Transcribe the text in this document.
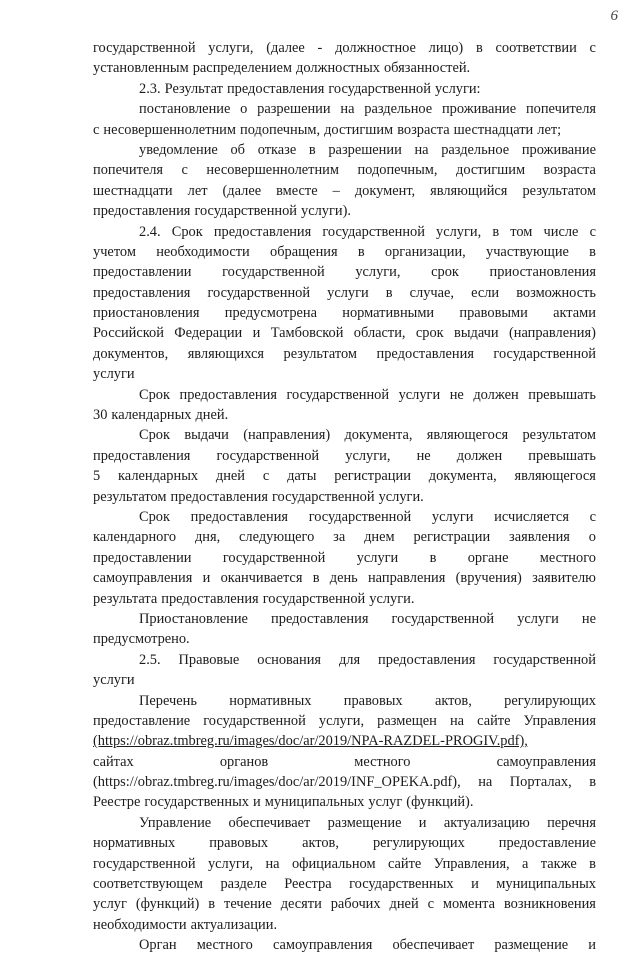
6
государственной услуги, (далее - должностное лицо) в соответствии с
установленным распределением должностных обязанностей.
2.3. Результат предоставления государственной услуги:
постановление о разрешении на раздельное проживание попечителя
с несовершеннолетним подопечным, достигшим возраста шестнадцати лет;
уведомление об отказе в разрешении на раздельное проживание
попечителя с несовершеннолетним подопечным, достигшим возраста
шестнадцати лет (далее вместе – документ, являющийся результатом
предоставления государственной услуги).
2.4. Срок предоставления государственной услуги, в том числе с
учетом необходимости обращения в организации, участвующие в
предоставлении государственной услуги, срок приостановления
предоставления государственной услуги в случае, если возможность
приостановления предусмотрена нормативными правовыми актами
Российской Федерации и Тамбовской области, срок выдачи (направления)
документов, являющихся результатом предоставления государственной
услуги
Срок предоставления государственной услуги не должен превышать
30 календарных дней.
Срок выдачи (направления) документа, являющегося результатом
предоставления государственной услуги, не должен превышать
5 календарных дней с даты регистрации документа, являющегося
результатом предоставления государственной услуги.
Срок предоставления государственной услуги исчисляется с
календарного дня, следующего за днем регистрации заявления о
предоставлении государственной услуги в органе местного
самоуправления и оканчивается в день направления (вручения) заявителю
результата предоставления государственной услуги.
Приостановление предоставления государственной услуги не
предусмотрено.
2.5. Правовые основания для предоставления государственной
услуги
Перечень нормативных правовых актов, регулирующих
предоставление государственной услуги, размещен на сайте Управления
(https://obraz.tmbreg.ru/images/doc/ar/2019/NPA-RAZDEL-PROGIV.pdf),
сайтах	органов	местного	самоуправления
(https://obraz.tmbreg.ru/images/doc/ar/2019/INF_OPEKA.pdf), на Порталах, в
Реестре государственных и муниципальных услуг (функций).
Управление обеспечивает размещение и актуализацию перечня
нормативных правовых актов, регулирующих предоставление
государственной услуги, на официальном сайте Управления, а также в
соответствующем разделе Реестра государственных и муниципальных
услуг (функций) в течение десяти рабочих дней с момента возникновения
необходимости актуализации.
Орган местного самоуправления обеспечивает размещение и
